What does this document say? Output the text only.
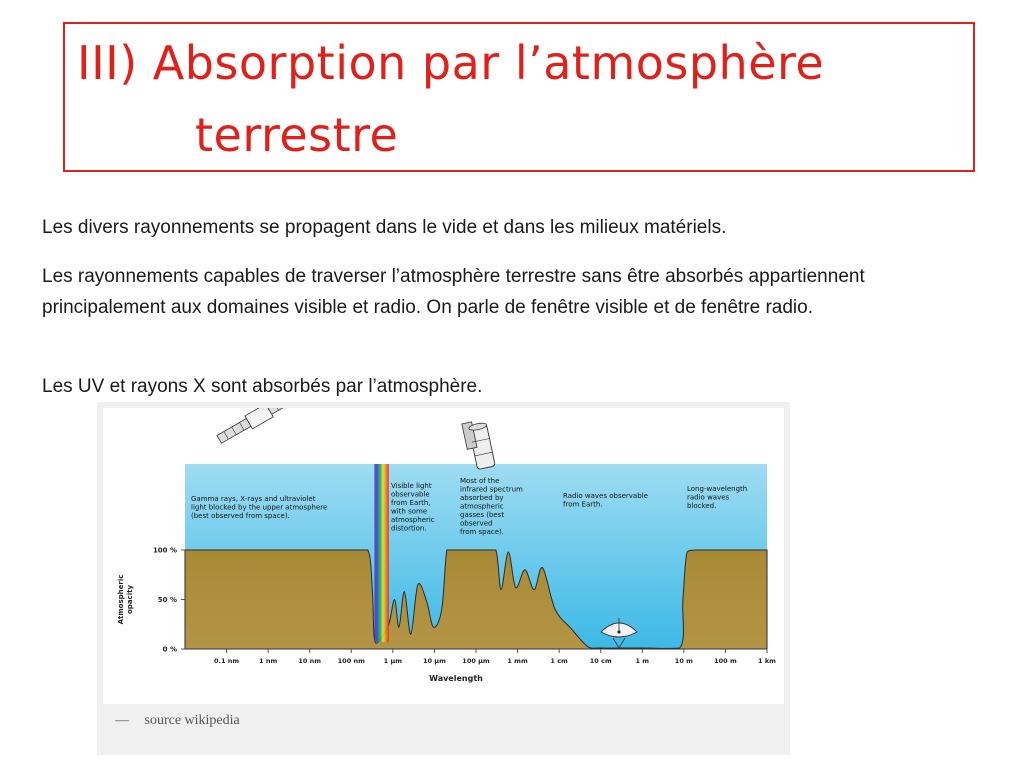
III) Absorption par l’atmosphère
terrestre
Les divers rayonnements se propagent dans le vide et dans les milieux matériels.
Les rayonnements capables de traverser l’atmosphère terrestre sans être absorbés appartiennent principalement aux domaines visible et radio. On parle de fenêtre visible et de fenêtre radio.
Les UV et rayons X sont absorbés par l’atmosphère.
100 %
50 %
0 %
Atmosphericopacity
0.1 nm	1 nm	10 nm	100 nm	1 µm	10 µm	100 µm	1 mm	1 cm	10 cm	1 m	10 m	100 m	1 km
Wavelength
Gamma rays, X-rays and ultraviolet light blocked by the upper atmosphere (best observed from space).
Visible light observable from Earth, with some atmospheric distortion.
Most of the infrared spectrum absorbed by atmospheric gasses (best observed from space).
Radio waves observable from Earth.
Long-wavelength radio waves blocked.
— source wikipedia
